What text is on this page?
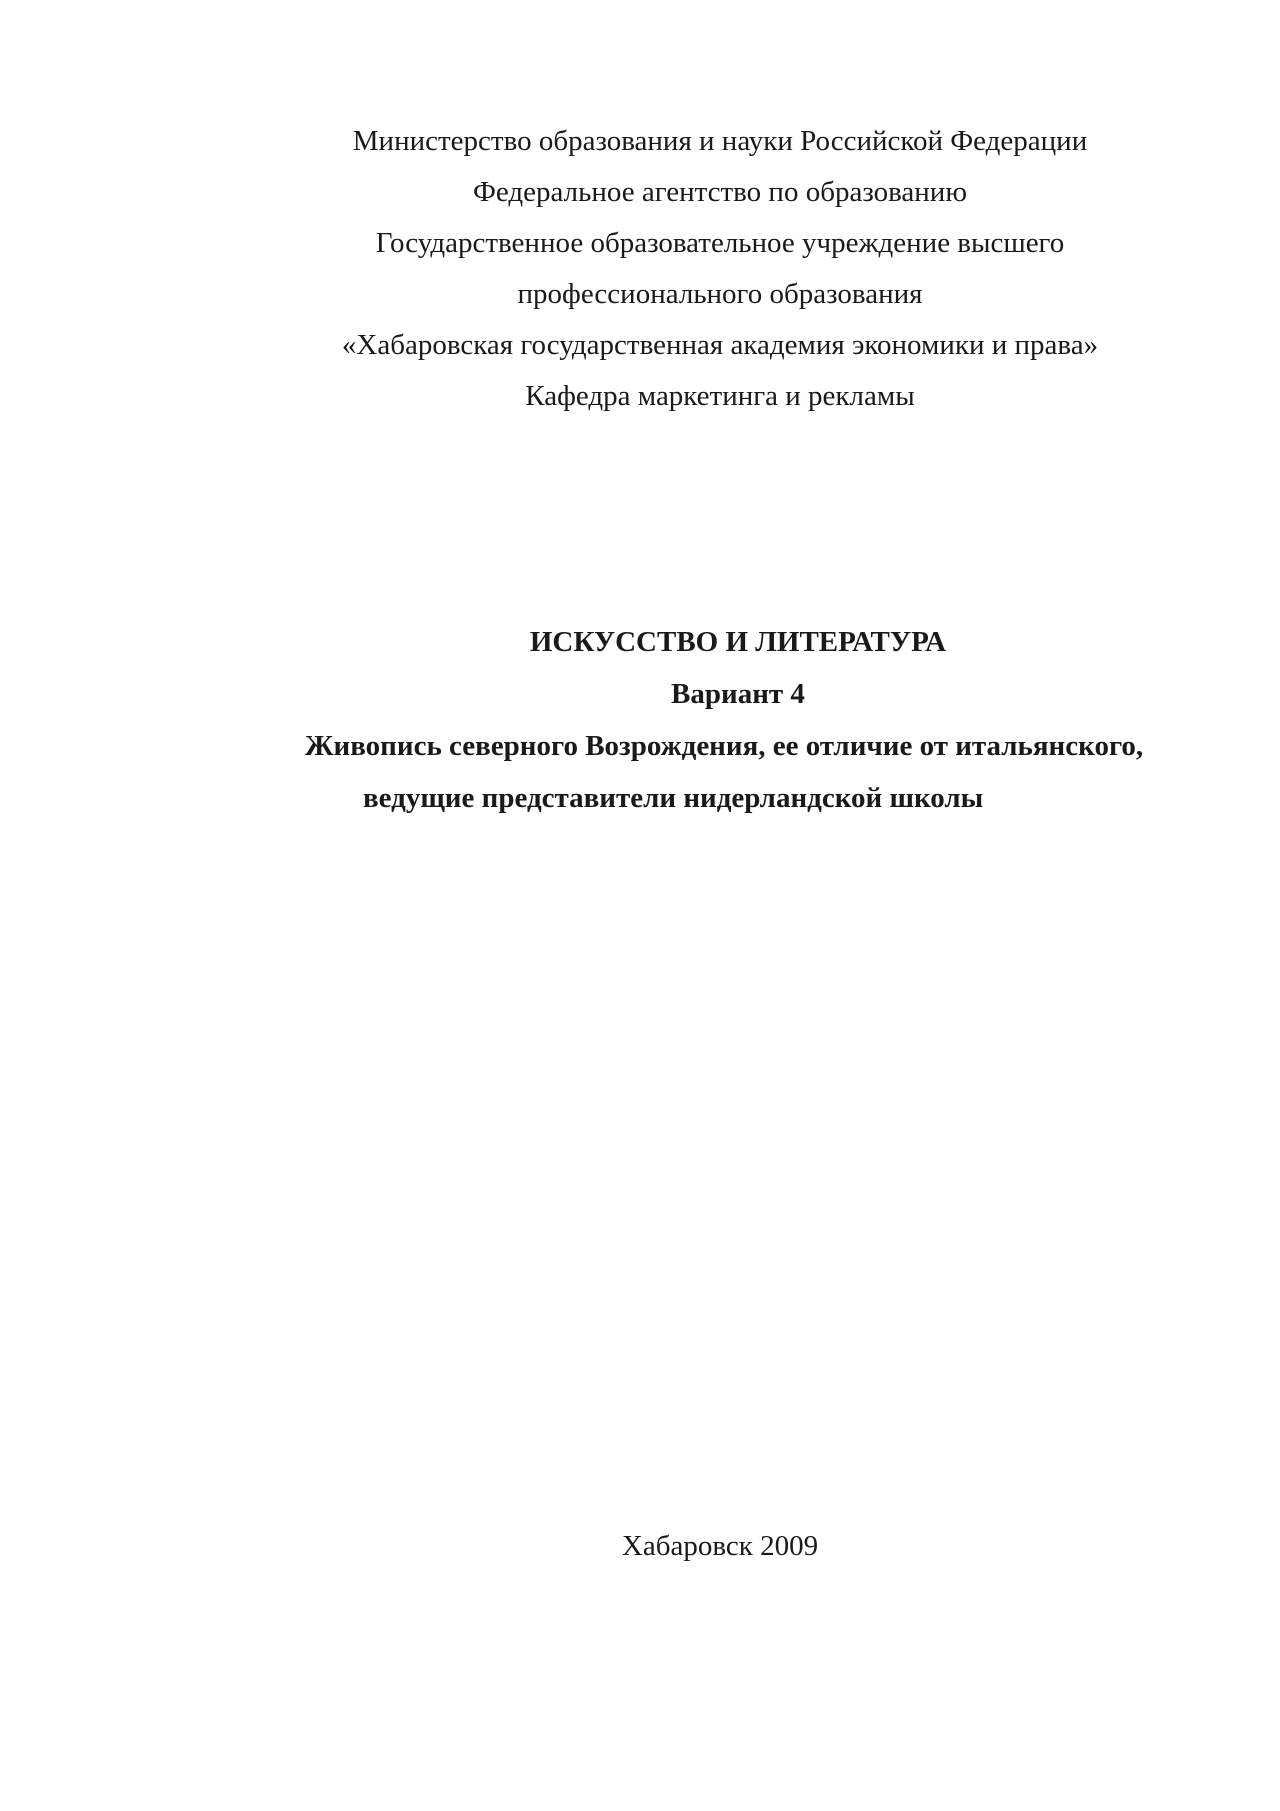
Министерство образования и науки Российской Федерации
Федеральное агентство по образованию
Государственное образовательное учреждение высшего
профессионального образования
«Хабаровская государственная академия экономики и права»
Кафедра маркетинга и рекламы
ИСКУССТВО И ЛИТЕРАТУРА
Вариант 4
Живопись северного Возрождения, ее отличие от итальянского,
ведущие представители нидерландской школы
Хабаровск 2009
